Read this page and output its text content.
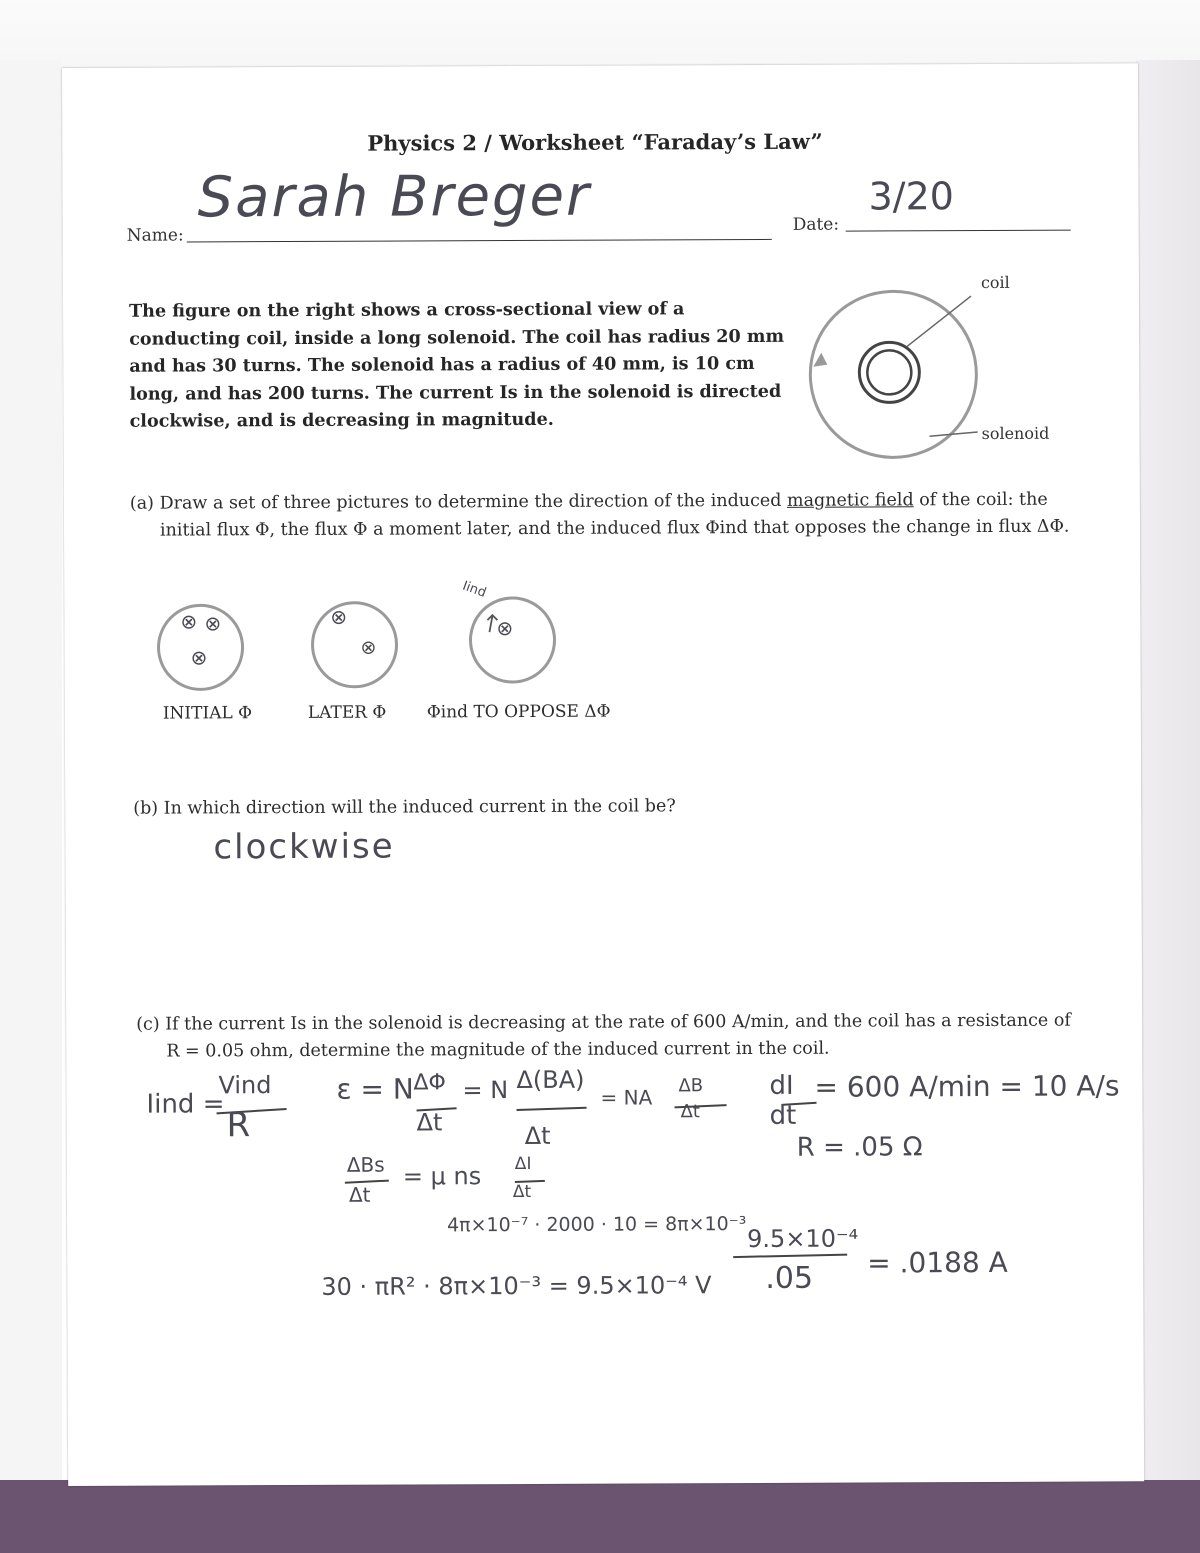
Physics 2 / Worksheet “Faraday’s Law”
Name:
Sarah Breger	Date:
3/20
The figure on the right shows a cross-sectional view of a conducting coil, inside a long solenoid. The coil has radius 20 mm and has 30 turns. The solenoid has a radius of 40 mm, is 10 cm long, and has 200 turns. The current Is in the solenoid is directed clockwise, and is decreasing in magnitude.
coil
solenoid
(a) Draw a set of three pictures to determine the direction of the induced magnetic field of the coil: the
initial flux Φ, the flux Φ a moment later, and the induced flux Φind that opposes the change in flux ΔΦ.
⊗ ⊗
⊗
⊗
⊗
⊗
Iind
INITIAL Φ	LATER Φ Φind TO OPPOSE ΔΦ
(b) In which direction will the induced current in the coil be?
clockwise
(c) If the current Is in the solenoid is decreasing at the rate of 600 A/min, and the coil has a resistance of
R = 0.05 ohm, determine the magnitude of the induced current in the coil.
Iind =
Vind
R
ε = N ΔΦ
Δt
= N Δ(BA)
Δt
= NA ΔB
Δt
dI
dt
= 600 A/min = 10 A/s
R = .05 Ω
ΔBs
Δt
= μ ns ΔI
Δt
4π×10⁻⁷ · 2000 · 10 = 8π×10⁻³
30 · πR² · 8π×10⁻³ = 9.5×10⁻⁴ V
9.5×10⁻⁴
.05 = .0188 A
